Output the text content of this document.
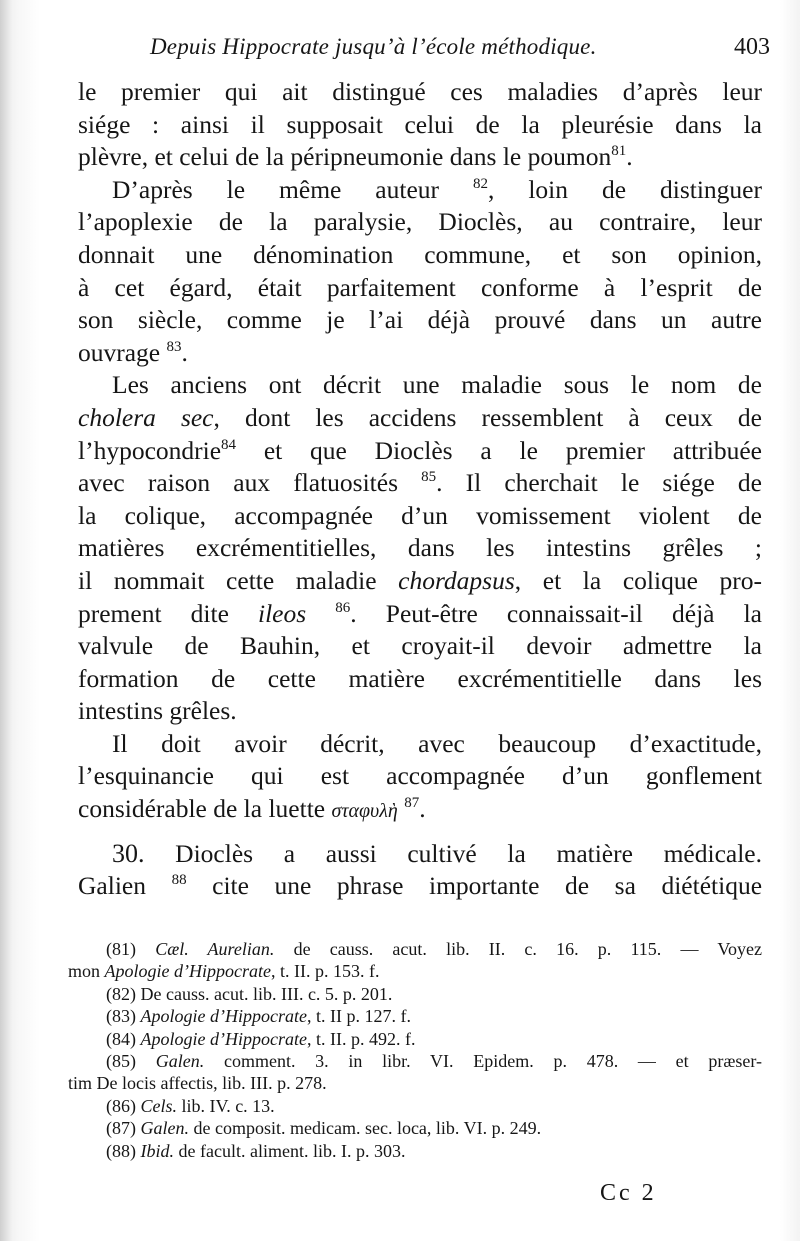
Depuis Hippocrate jusqu’à l’école méthodique.	403
le premier qui ait distingué ces maladies d’après leur
siége : ainsi il supposait celui de la pleurésie dans la
plèvre, et celui de la péripneumonie dans le poumon$^{81}$.
D’après le même auteur $^{82}$, loin de distinguer
l’apoplexie de la paralysie, Dioclès, au contraire, leur
donnait une dénomination commune, et son opinion,
à cet égard, était parfaitement conforme à l’esprit de
son siècle, comme je l’ai déjà prouvé dans un autre
ouvrage $^{83}$.
Les anciens ont décrit une maladie sous le nom de
cholera sec, dont les accidens ressemblent à ceux de
l’hypocondrie$^{84}$ et que Dioclès a le premier attribuée
avec raison aux flatuosités $^{85}$. Il cherchait le siége de
la colique, accompagnée d’un vomissement violent de
matières excrémentitielles, dans les intestins grêles ;
il nommait cette maladie chordapsus, et la colique pro-
prement dite ileos $^{86}$. Peut-être connaissait-il déjà la
valvule de Bauhin, et croyait-il devoir admettre la
formation de cette matière excrémentitielle dans les
intestins grêles.
Il doit avoir décrit, avec beaucoup d’exactitude,
l’esquinancie qui est accompagnée d’un gonflement
considérable de la luette σταφυλὴ $^{87}$.
30. Dioclès a aussi cultivé la matière médicale.
Galien $^{88}$ cite une phrase importante de sa diététique
(81) Cæl. Aurelian. de causs. acut. lib. II. c. 16. p. 115. — Voyez
mon Apologie d’Hippocrate, t. II. p. 153. f.
(82) De causs. acut. lib. III. c. 5. p. 201.
(83) Apologie d’Hippocrate, t. II p. 127. f.
(84) Apologie d’Hippocrate, t. II. p. 492. f.
(85) Galen. comment. 3. in libr. VI. Epidem. p. 478. — et præser-
tim De locis affectis, lib. III. p. 278.
(86) Cels. lib. IV. c. 13.
(87) Galen. de composit. medicam. sec. loca, lib. VI. p. 249.
(88) Ibid. de facult. aliment. lib. I. p. 303.
Cc 2
